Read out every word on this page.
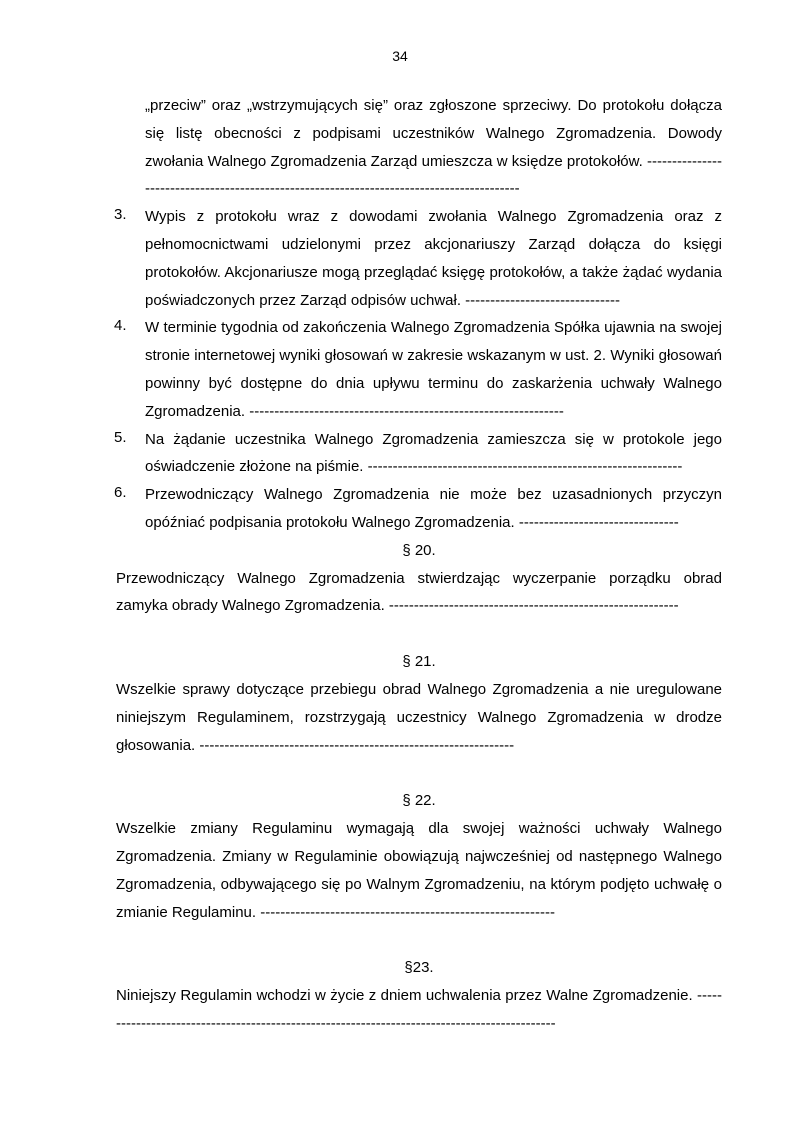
34

„przeciw” oraz „wstrzymujących się” oraz zgłoszone sprzeciwy. Do protokołu dołącza się listę obecności z podpisami uczestników Walnego Zgromadzenia. Dowody zwołania Walnego Zgromadzenia Zarząd umieszcza w księdze protokołów. ------------------------------------------------------------------------------------------

3. Wypis z protokołu wraz z dowodami zwołania Walnego Zgromadzenia oraz z pełnomocnictwami udzielonymi przez akcjonariuszy Zarząd dołącza do księgi protokołów. Akcjonariusze mogą przeglądać księgę protokołów, a także żądać wydania poświadczonych przez Zarząd odpisów uchwał. -------------------------------
4. W terminie tygodnia od zakończenia Walnego Zgromadzenia Spółka ujawnia na swojej stronie internetowej wyniki głosowań w zakresie wskazanym w ust. 2. Wyniki głosowań powinny być dostępne do dnia upływu terminu do zaskarżenia uchwały Walnego Zgromadzenia. ---------------------------------------------------------------
5. Na żądanie uczestnika Walnego Zgromadzenia zamieszcza się w protokole jego oświadczenie złożone na piśmie. ---------------------------------------------------------------
6. Przewodniczący Walnego Zgromadzenia nie może bez uzasadnionych przyczyn opóźniać podpisania protokołu Walnego Zgromadzenia. --------------------------------

§ 20.

Przewodniczący Walnego Zgromadzenia stwierdzając wyczerpanie porządku obrad zamyka obrady Walnego Zgromadzenia. ----------------------------------------------------------

§ 21.

Wszelkie sprawy dotyczące przebiegu obrad Walnego Zgromadzenia a nie uregulowane niniejszym Regulaminem, rozstrzygają uczestnicy Walnego Zgromadzenia w drodze głosowania. ---------------------------------------------------------------

§ 22.

Wszelkie zmiany Regulaminu wymagają dla swojej ważności uchwały Walnego Zgromadzenia. Zmiany w Regulaminie obowiązują najwcześniej od następnego Walnego Zgromadzenia, odbywającego się po Walnym Zgromadzeniu, na którym podjęto uchwałę o zmianie Regulaminu. -----------------------------------------------------------

§23.

Niniejszy Regulamin wchodzi w życie z dniem uchwalenia przez Walne Zgromadzenie. ---------------------------------------------------------------------------------------------
